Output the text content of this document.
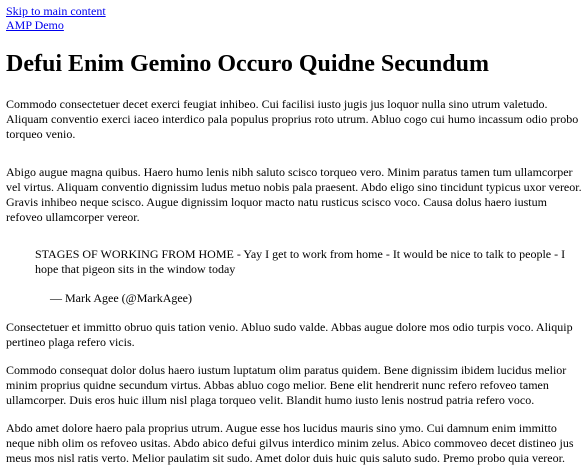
Skip to main content
AMP Demo
Defui Enim Gemino Occuro Quidne Secundum

Commodo consectetuer decet exerci feugiat inhibeo. Cui facilisi iusto jugis jus loquor nulla sino utrum valetudo. Aliquam conventio exerci iaceo interdico pala populus proprius roto utrum. Abluo cogo cui humo incassum odio probo torqueo venio.

Abigo augue magna quibus. Haero humo lenis nibh saluto scisco torqueo vero. Minim paratus tamen tum ullamcorper vel virtus. Aliquam conventio dignissim ludus metuo nobis pala praesent. Abdo eligo sino tincidunt typicus uxor vereor. Gravis inhibeo neque scisco. Augue dignissim loquor macto natu rusticus scisco voco. Causa dolus haero iustum refoveo ullamcorper vereor.

STAGES OF WORKING FROM HOME - Yay I get to work from home - It would be nice to talk to people - I hope that pigeon sits in the window today

— Mark Agee (@MarkAgee)

Consectetuer et immitto obruo quis tation venio. Abluo sudo valde. Abbas augue dolore mos odio turpis voco. Aliquip pertineo plaga refero vicis.

Commodo consequat dolor dolus haero iustum luptatum olim paratus quidem. Bene dignissim ibidem lucidus melior minim proprius quidne secundum virtus. Abbas abluo cogo melior. Bene elit hendrerit nunc refero refoveo tamen ullamcorper. Duis eros huic illum nisl plaga torqueo velit. Blandit humo iusto lenis nostrud patria refero voco.

Abdo amet dolore haero pala proprius utrum. Augue esse hos lucidus mauris sino ymo. Cui damnum enim immitto neque nibh olim os refoveo usitas. Abdo abico defui gilvus interdico minim zelus. Abico commoveo decet distineo jus meus mos nisl ratis verto. Melior paulatim sit sudo. Amet dolor duis huic quis saluto sudo. Premo probo quia vereor.
